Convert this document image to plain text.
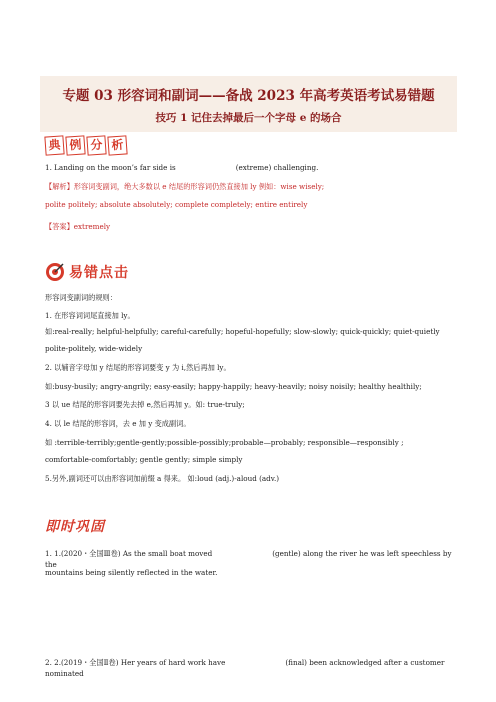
专题 03 形容词和副词——备战 2023 年高考英语考试易错题
技巧 1 记住去掉最后一个字母 e 的场合
典 例 分 析
1. Landing on the moon’s far side is	(extreme) challenging.
【解析】形容词变副词，绝大多数以 e 结尾的形容词仍然直接加 ly 例如：wise wisely;
polite politely; absolute absolutely; complete completely; entire entirely
【答案】extremely
易错点击
形容词变副词的规则：
1. 在形容词词尾直接加 ly。
如:real-really; helpful-helpfully; careful-carefully; hopeful-hopefully; slow-slowly; quick-quickly; quiet-quietly
polite-politely, wide-widely
2. 以辅音字母加 y 结尾的形容词要变 y 为 i,然后再加 ly。
如:busy-busily; angry-angrily; easy-easily; happy-happily; heavy-heavily; noisy noisily; healthy healthily;
3 以 ue 结尾的形容词要先去掉 e,然后再加 y。如: true-truly;
4. 以 le 结尾的形容词，去 e 加 y 变成副词。
如 :terrible-terribly;gentle-gently;possible-possibly;probable—probably; responsible—responsibly ;
comfortable-comfortably; gentle gently; simple simply
5.另外,副词还可以由形容词加前缀 a 得来。 如:loud (adj.)-aloud (adv.)
即时巩固
1. 1.(2020・全国Ⅲ卷) As the small boat moved	(gentle) along the river he was left speechless by the
mountains being silently reflected in the water.
2. 2.(2019・全国Ⅱ卷) Her years of hard work have	(final) been acknowledged after a customer nominated
